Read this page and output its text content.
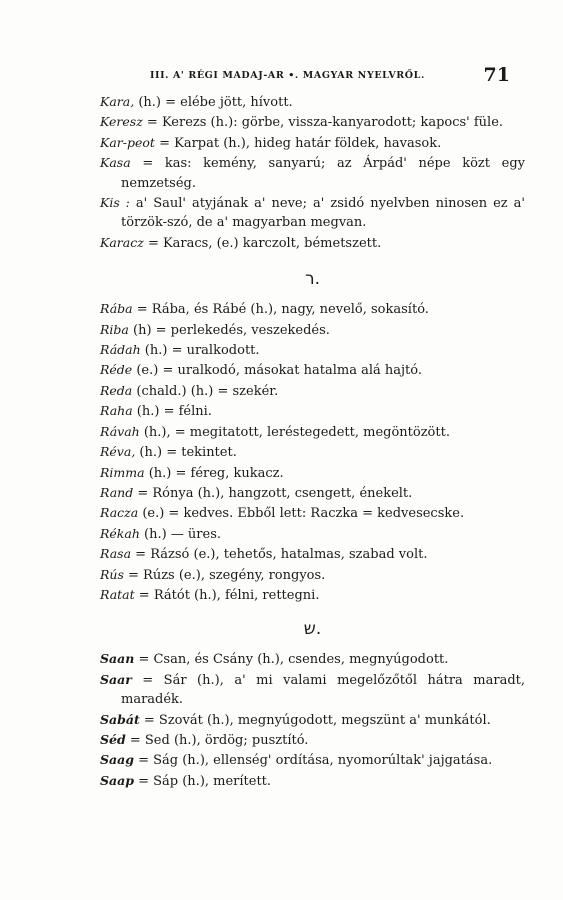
III. A' RÉGI MADAJ-AR •. MAGYAR NYELVRŐL.	71

Kara, (h.) = elébe jött, hívott.

Keresz = Kerezs (h.): görbe, vissza-kanyarodott; kapocs' füle.

Kar-peot = Karpat (h.), hideg határ földek, havasok.

Kasa = kas: kemény, sanyarú; az Árpád' népe közt egy nemzetség.

Kis : a' Saul' atyjának a' neve; a' zsidó nyelvben ninosen ez a' törzök-szó, de a' magyarban megvan.

Karacz = Karacs, (e.) karczolt, bémetszett.

ר.

Rába = Rába, és Rábé (h.), nagy, nevelő, sokasító.

Riba (h) = perlekedés, veszekedés.

Rádah (h.) = uralkodott.

Réde (e.) = uralkodó, másokat hatalma alá hajtó.

Reda (chald.) (h.) = szekér.

Raha (h.) = félni.

Rávah (h.), = megitatott, leréstegedett, megöntözött.

Réva, (h.) = tekintet.

Rimma (h.) = féreg, kukacz.

Rand = Rónya (h.), hangzott, csengett, énekelt.

Racza (e.) = kedves. Ebből lett: Raczka = kedvesecske.

Rékah (h.) — üres.

Rasa = Rázsó (e.), tehetős, hatalmas, szabad volt.

Rús = Rúzs (e.), szegény, rongyos.

Ratat = Rátót (h.), félni, rettegni.

ש.

Saan = Csan, és Csány (h.), csendes, megnyúgodott.

Saar = Sár (h.), a' mi valami megelőzőtől hátra maradt, maradék.

Sabát = Szovát (h.), megnyúgodott, megszünt a' munkától.

Séd = Sed (h.), ördög; pusztító.

Saag = Ság (h.), ellenség' ordítása, nyomorúltak' jajgatása.

Saap = Sáp (h.), merített.
